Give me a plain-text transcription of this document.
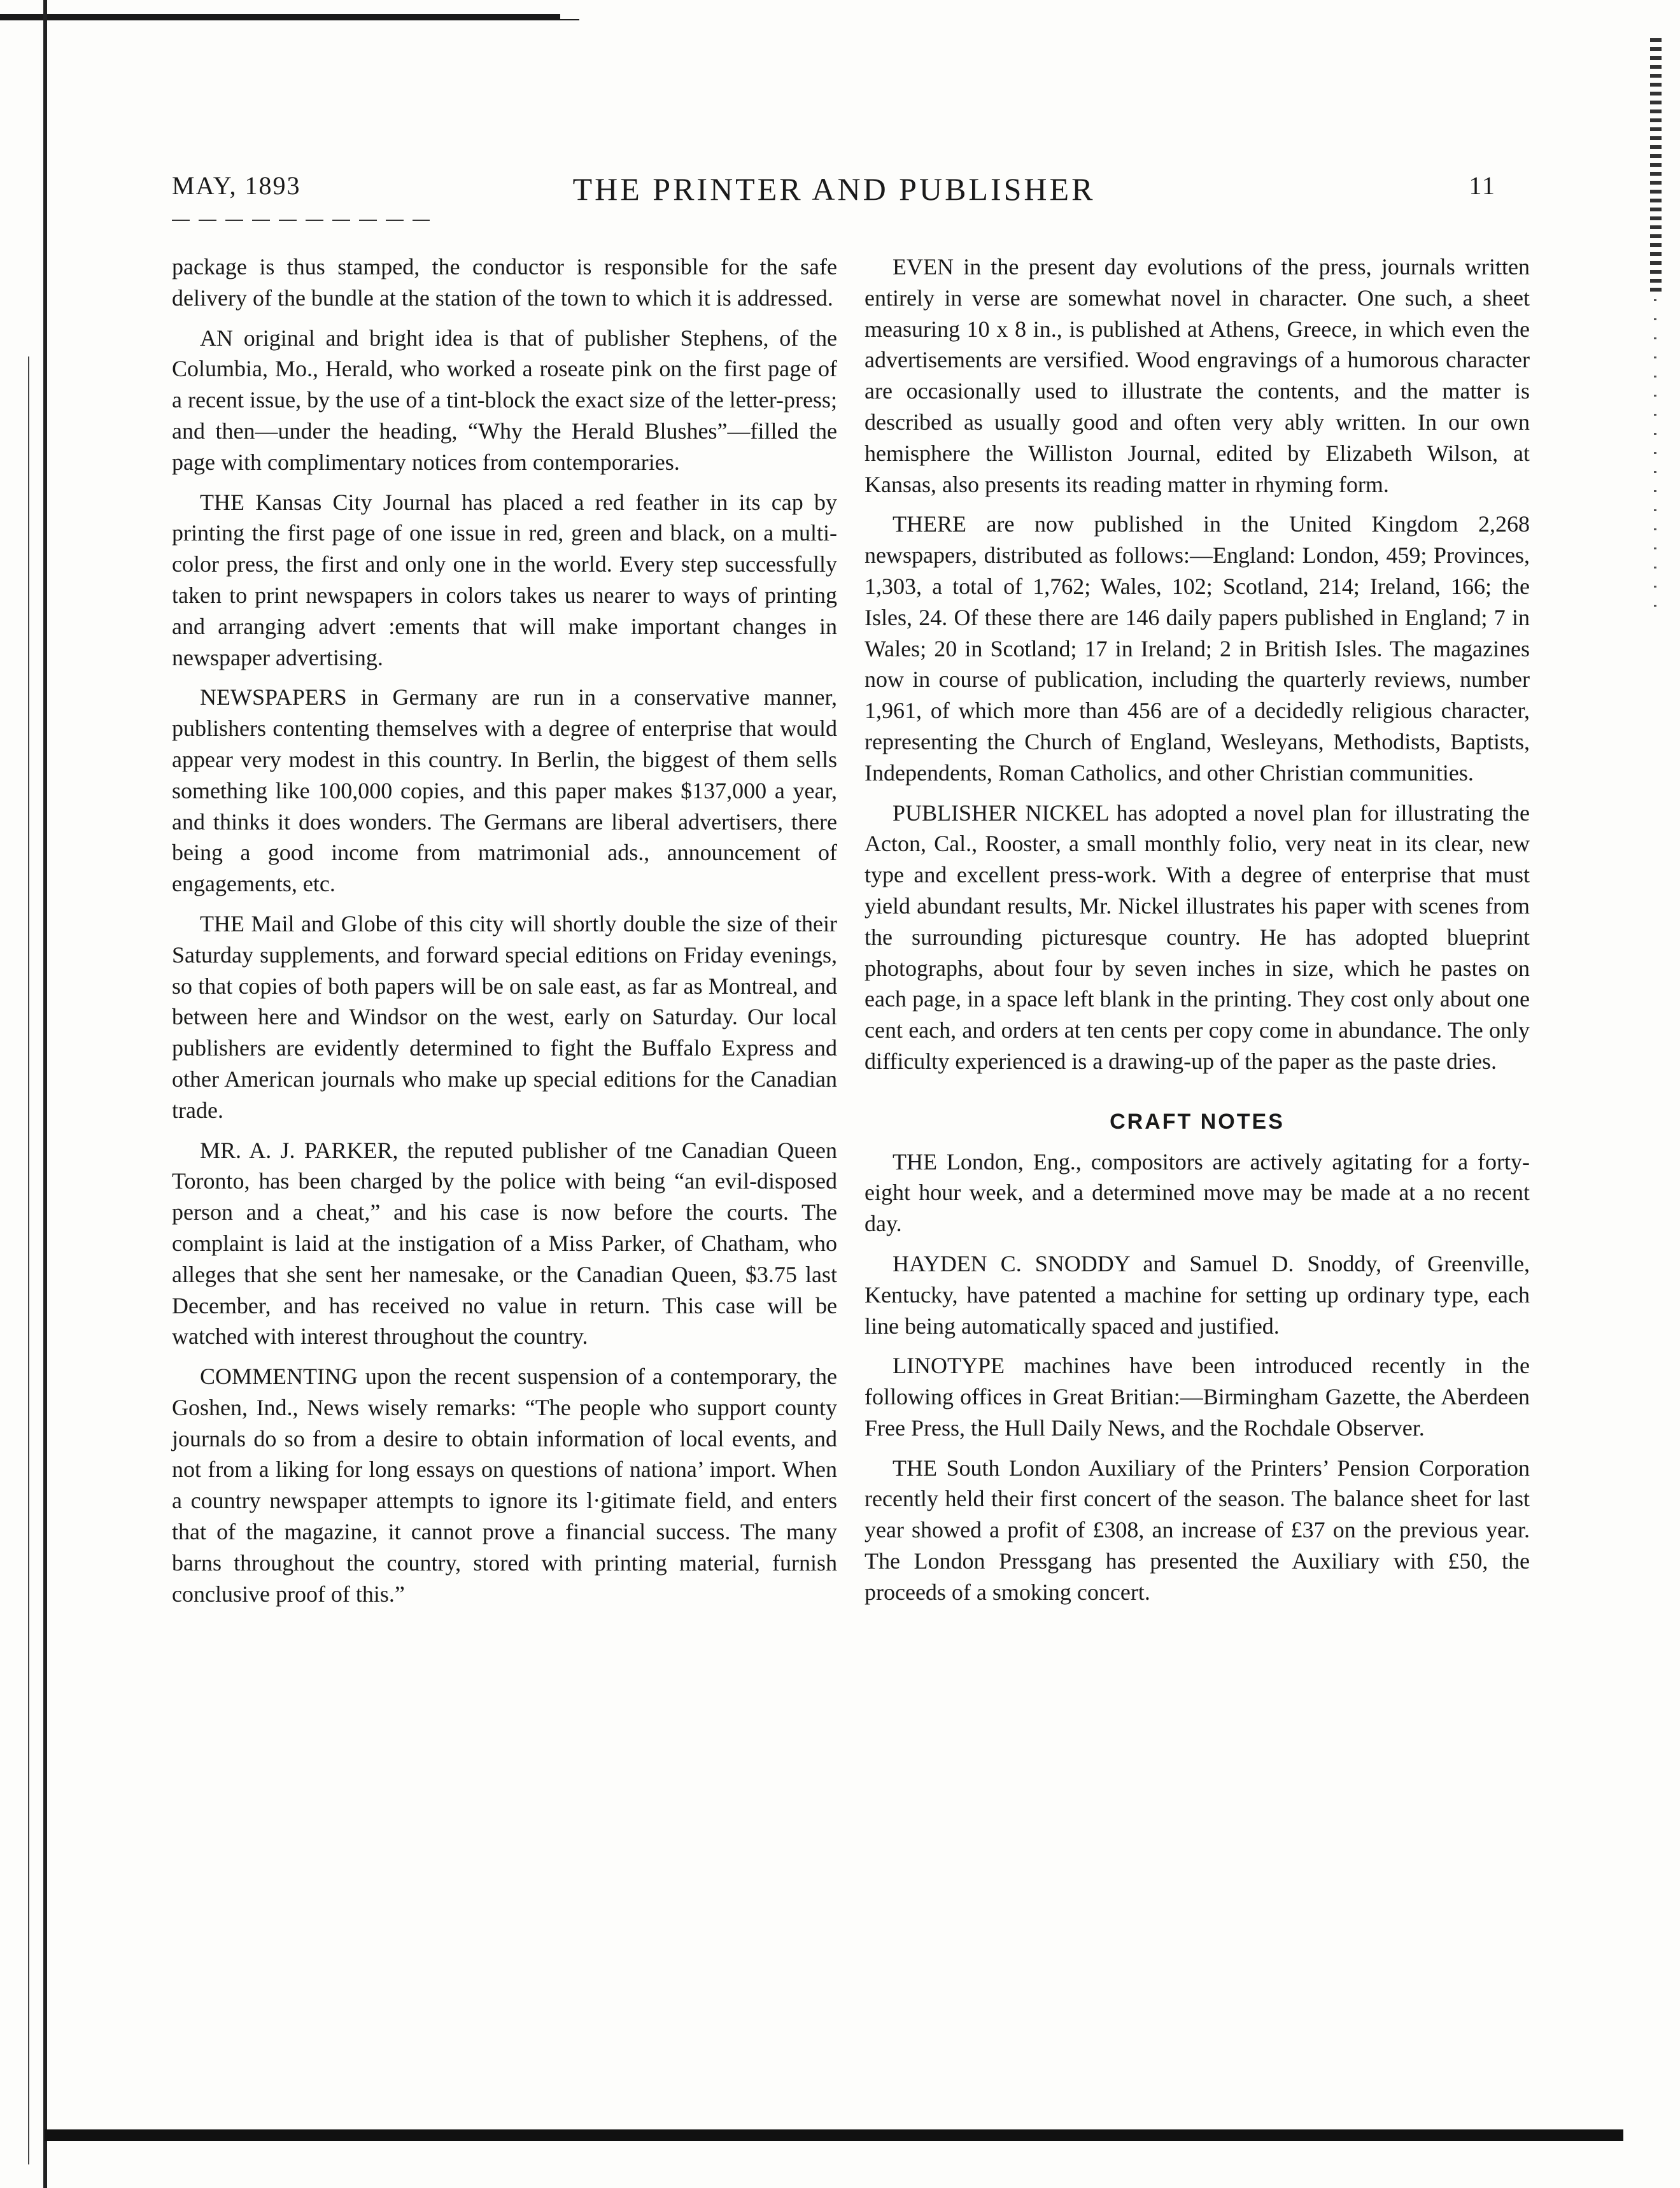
MAY, 1893	THE PRINTER AND PUBLISHER	11

package is thus stamped, the conductor is responsible for the safe delivery of the bundle at the station of the town to which it is addressed.

AN original and bright idea is that of publisher Stephens, of the Columbia, Mo., Herald, who worked a roseate pink on the first page of a recent issue, by the use of a tint-block the exact size of the letter-press; and then—under the heading, “Why the Herald Blushes”—filled the page with complimentary notices from contemporaries.

THE Kansas City Journal has placed a red feather in its cap by printing the first page of one issue in red, green and black, on a multi-color press, the first and only one in the world. Every step successfully taken to print newspapers in colors takes us nearer to ways of printing and arranging advert :ements that will make important changes in newspaper advertising.

NEWSPAPERS in Germany are run in a conservative manner, publishers contenting themselves with a degree of enterprise that would appear very modest in this country. In Berlin, the biggest of them sells something like 100,000 copies, and this paper makes $137,000 a year, and thinks it does wonders. The Germans are liberal advertisers, there being a good income from matrimonial ads., announcement of engagements, etc.

THE Mail and Globe of this city will shortly double the size of their Saturday supplements, and forward special editions on Friday evenings, so that copies of both papers will be on sale east, as far as Montreal, and between here and Windsor on the west, early on Saturday. Our local publishers are evidently determined to fight the Buffalo Express and other American journals who make up special editions for the Canadian trade.

MR. A. J. PARKER, the reputed publisher of tne Canadian Queen Toronto, has been charged by the police with being “an evil-disposed person and a cheat,” and his case is now before the courts. The complaint is laid at the instigation of a Miss Parker, of Chatham, who alleges that she sent her namesake, or the Canadian Queen, $3.75 last December, and has received no value in return. This case will be watched with interest throughout the country.

COMMENTING upon the recent suspension of a contemporary, the Goshen, Ind., News wisely remarks: “The people who support county journals do so from a desire to obtain information of local events, and not from a liking for long essays on questions of nationa’ import. When a country newspaper attempts to ignore its l·gitimate field, and enters that of the magazine, it cannot prove a financial success. The many barns throughout the country, stored with printing material, furnish conclusive proof of this.”

EVEN in the present day evolutions of the press, journals written entirely in verse are somewhat novel in character. One such, a sheet measuring 10 x 8 in., is published at Athens, Greece, in which even the advertisements are versified. Wood engravings of a humorous character are occasionally used to illustrate the contents, and the matter is described as usually good and often very ably written. In our own hemisphere the Williston Journal, edited by Elizabeth Wilson, at Kansas, also presents its reading matter in rhyming form.

THERE are now published in the United Kingdom 2,268 newspapers, distributed as follows:—England: London, 459; Provinces, 1,303, a total of 1,762; Wales, 102; Scotland, 214; Ireland, 166; the Isles, 24. Of these there are 146 daily papers published in England; 7 in Wales; 20 in Scotland; 17 in Ireland; 2 in British Isles. The magazines now in course of publication, including the quarterly reviews, number 1,961, of which more than 456 are of a decidedly religious character, representing the Church of England, Wesleyans, Methodists, Baptists, Independents, Roman Catholics, and other Christian communities.

PUBLISHER NICKEL has adopted a novel plan for illustrating the Acton, Cal., Rooster, a small monthly folio, very neat in its clear, new type and excellent press-work. With a degree of enterprise that must yield abundant results, Mr. Nickel illustrates his paper with scenes from the surrounding picturesque country. He has adopted blueprint photographs, about four by seven inches in size, which he pastes on each page, in a space left blank in the printing. They cost only about one cent each, and orders at ten cents per copy come in abundance. The only difficulty experienced is a drawing-up of the paper as the paste dries.

CRAFT NOTES

THE London, Eng., compositors are actively agitating for a forty-eight hour week, and a determined move may be made at a no recent day.

HAYDEN C. SNODDY and Samuel D. Snoddy, of Greenville, Kentucky, have patented a machine for setting up ordinary type, each line being automatically spaced and justified.

LINOTYPE machines have been introduced recently in the following offices in Great Britian:—Birmingham Gazette, the Aberdeen Free Press, the Hull Daily News, and the Rochdale Observer.

THE South London Auxiliary of the Printers’ Pension Corporation recently held their first concert of the season. The balance sheet for last year showed a profit of £308, an increase of £37 on the previous year. The London Pressgang has presented the Auxiliary with £50, the proceeds of a smoking concert.
